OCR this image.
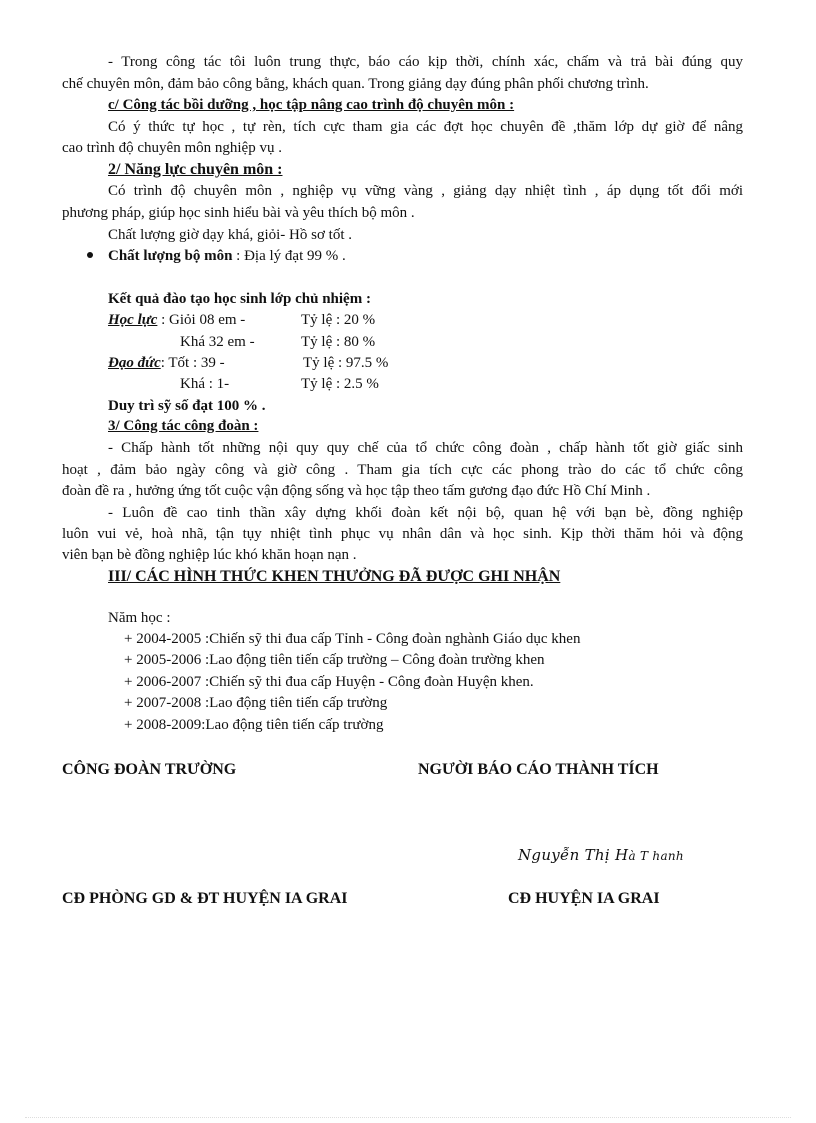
- Trong công tác tôi luôn trung thực, báo cáo kịp thời, chính xác, chấm và trả bài đúng quy
chế chuyên môn, đảm bảo công bằng, khách quan. Trong giảng dạy đúng phân phối chương trình.
c/ Công tác bồi dưỡng , học tập nâng cao trình độ chuyên môn :
Có ý thức tự học , tự rèn, tích cực tham gia các đợt học chuyên đề ,thăm lớp dự giờ để nâng
cao trình độ chuyên môn nghiệp vụ .
2/ Năng lực chuyên môn :
Có trình độ chuyên môn , nghiệp vụ vững vàng , giảng dạy nhiệt tình , áp dụng tốt đổi mới
phương pháp, giúp học sinh hiểu bài và yêu thích bộ môn .
Chất lượng giờ dạy khá, giỏi- Hồ sơ tốt .
Chất lượng bộ môn : Địa lý đạt 99 % .
Kết quả đào tạo học sinh lớp chủ nhiệm :
Học lực : Giỏi 08 em -	Tỷ lệ : 20 %
Khá 32 em -	Tỷ lệ : 80 %
Đạo đức: Tốt : 39 -	Tỷ lệ : 97.5 %
Khá : 1-	Tỷ lệ : 2.5 %
Duy trì sỹ số đạt 100 % .
3/ Công tác công đoàn :
- Chấp hành tốt những nội quy quy chế của tổ chức công đoàn , chấp hành tốt giờ giấc sinh
hoạt , đảm bảo ngày công và giờ công . Tham gia tích cực các phong trào do các tổ chức công
đoàn đề ra , hưởng ứng tốt cuộc vận động sống và học tập theo tấm gương đạo đức Hồ Chí Minh .
- Luôn đề cao tinh thần xây dựng khối đoàn kết nội bộ, quan hệ với bạn bè, đồng nghiệp
luôn vui vẻ, hoà nhã, tận tụy nhiệt tình phục vụ nhân dân và học sinh. Kịp thời thăm hỏi và động
viên bạn bè đồng nghiệp lúc khó khăn hoạn nạn .
III/ CÁC HÌNH THỨC KHEN THƯỞNG ĐÃ ĐƯỢC GHI NHẬN
Năm học :
+ 2004-2005 :Chiến sỹ thi đua cấp Tỉnh - Công đoàn nghành Giáo dục khen
+ 2005-2006 :Lao động tiên tiến cấp trường – Công đoàn trường khen
+ 2006-2007 :Chiến sỹ thi đua cấp Huyện - Công đoàn Huyện khen.
+ 2007-2008 :Lao động tiên tiến cấp trường
+ 2008-2009:Lao động tiên tiến cấp trường
CÔNG ĐOÀN TRƯỜNG	NGƯỜI BÁO CÁO THÀNH TÍCH
Nguyễn Thị Hà T hanh
CĐ PHÒNG GD & ĐT HUYỆN IA GRAI	CĐ HUYỆN IA GRAI
